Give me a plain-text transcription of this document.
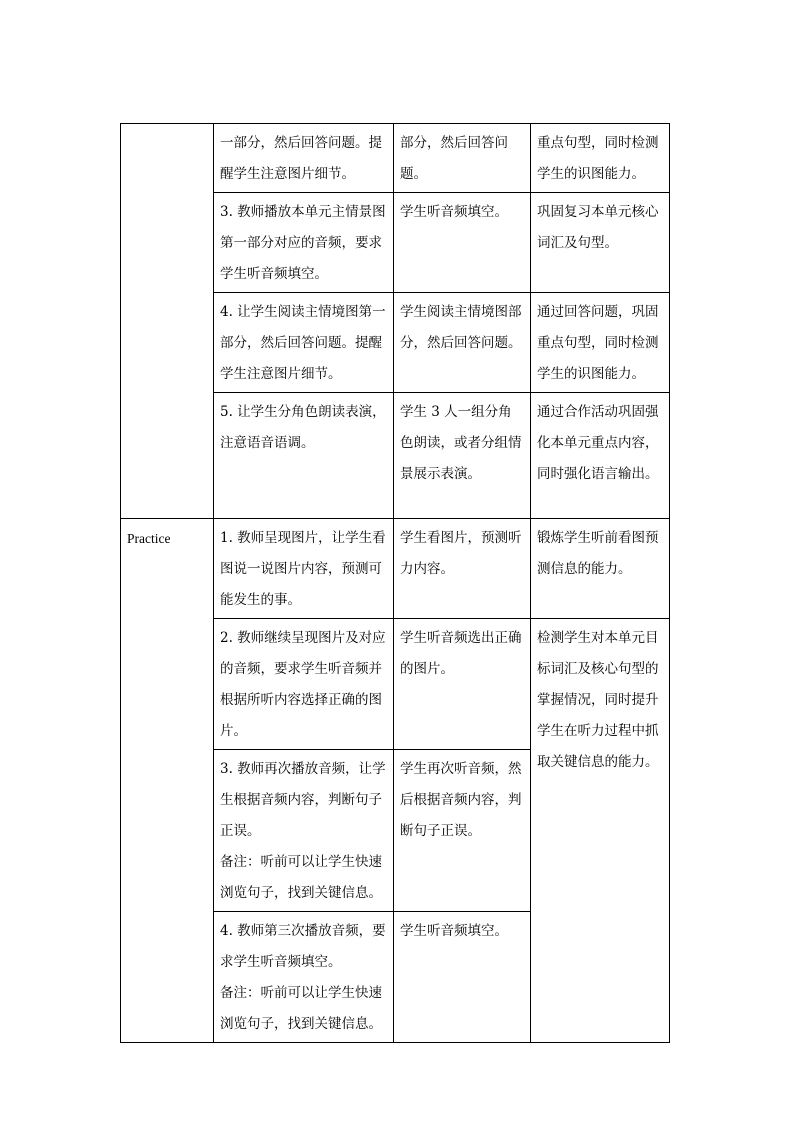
	一部分，然后回答问题。提醒学生注意图片细节。	部分，然后回答问题。	重点句型，同时检测学生的识图能力。

	3. 教师播放本单元主情景图第一部分对应的音频，要求学生听音频填空。	学生听音频填空。	巩固复习本单元核心词汇及句型。

	4. 让学生阅读主情境图第一部分，然后回答问题。提醒学生注意图片细节。	学生阅读主情境图部分，然后回答问题。	通过回答问题，巩固重点句型，同时检测学生的识图能力。

	5. 让学生分角色朗读表演，注意语音语调。	学生 3 人一组分角色朗读，或者分组情景展示表演。	通过合作活动巩固强化本单元重点内容，同时强化语言输出。
Practice	1. 教师呈现图片，让学生看图说一说图片内容，预测可能发生的事。	学生看图片，预测听力内容。	锻炼学生听前看图预测信息的能力。

	2. 教师继续呈现图片及对应的音频，要求学生听音频并根据所听内容选择正确的图片。	学生听音频选出正确的图片。	检测学生对本单元目标词汇及核心句型的掌握情况，同时提升学生在听力过程中抓取关键信息的能力。

	3. 教师再次播放音频，让学生根据音频内容，判断句子正误。
备注：听前可以让学生快速浏览句子，找到关键信息。	学生再次听音频，然后根据音频内容，判断句子正误。	

	4. 教师第三次播放音频，要求学生听音频填空。
备注：听前可以让学生快速浏览句子，找到关键信息。	学生听音频填空。	
